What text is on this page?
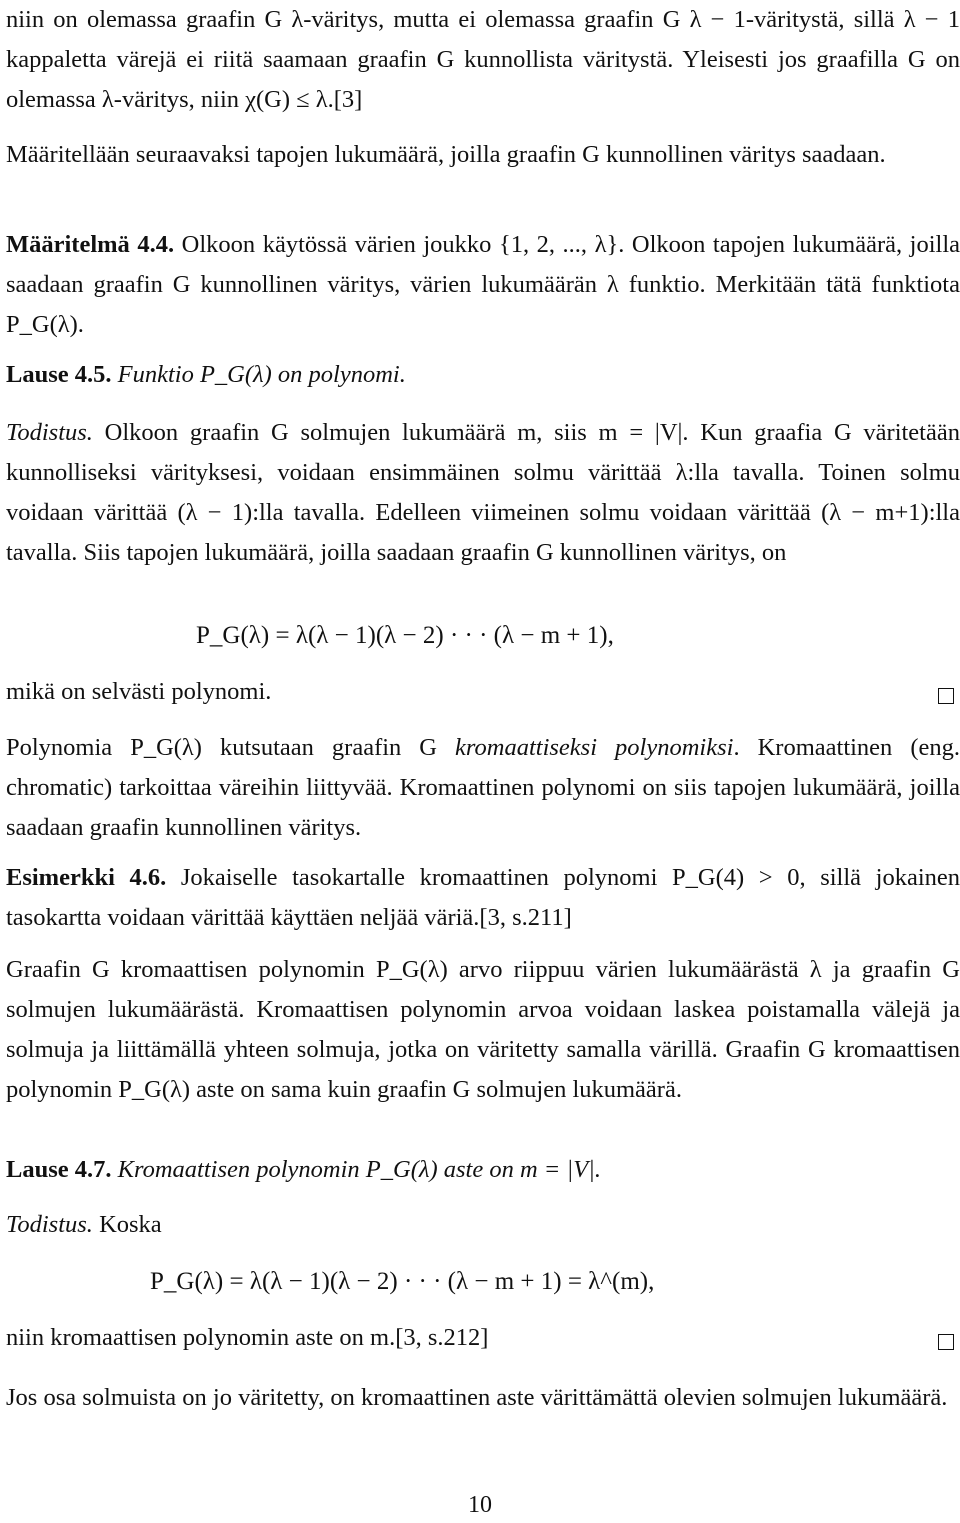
niin on olemassa graafin G λ-väritys, mutta ei olemassa graafin G λ − 1-väritystä, sillä λ − 1 kappaletta värejä ei riitä saamaan graafin G kunnollista väritystä. Yleisesti jos graafilla G on olemassa λ-väritys, niin χ(G) ≤ λ.[3]

Määritellään seuraavaksi tapojen lukumäärä, joilla graafin G kunnollinen väritys saadaan.

Määritelmä 4.4. Olkoon käytössä värien joukko {1, 2, ..., λ}. Olkoon tapojen lukumäärä, joilla saadaan graafin G kunnollinen väritys, värien lukumäärän λ funktio. Merkitään tätä funktiota P_G(λ).

Lause 4.5. Funktio P_G(λ) on polynomi.

Todistus. Olkoon graafin G solmujen lukumäärä m, siis m = |V|. Kun graafia G väritetään kunnolliseksi värityksesi, voidaan ensimmäinen solmu värittää λ:lla tavalla. Toinen solmu voidaan värittää (λ − 1):lla tavalla. Edelleen viimeinen solmu voidaan värittää (λ − m+1):lla tavalla. Siis tapojen lukumäärä, joilla saadaan graafin G kunnollinen väritys, on

P_G(λ) = λ(λ − 1)(λ − 2) · · · (λ − m + 1),

mikä on selvästi polynomi.

Polynomia P_G(λ) kutsutaan graafin G kromaattiseksi polynomiksi. Kromaattinen (eng. chromatic) tarkoittaa väreihin liittyvää. Kromaattinen polynomi on siis tapojen lukumäärä, joilla saadaan graafin kunnollinen väritys.

Esimerkki 4.6. Jokaiselle tasokartalle kromaattinen polynomi P_G(4) > 0, sillä jokainen tasokartta voidaan värittää käyttäen neljää väriä.[3, s.211]

Graafin G kromaattisen polynomin P_G(λ) arvo riippuu värien lukumäärästä λ ja graafin G solmujen lukumäärästä. Kromaattisen polynomin arvoa voidaan laskea poistamalla välejä ja solmuja ja liittämällä yhteen solmuja, jotka on väritetty samalla värillä. Graafin G kromaattisen polynomin P_G(λ) aste on sama kuin graafin G solmujen lukumäärä.

Lause 4.7. Kromaattisen polynomin P_G(λ) aste on m = |V|.

Todistus. Koska

P_G(λ) = λ(λ − 1)(λ − 2) · · · (λ − m + 1) = λ^(m),

niin kromaattisen polynomin aste on m.[3, s.212]

Jos osa solmuista on jo väritetty, on kromaattinen aste värittämättä olevien solmujen lukumäärä.

10
